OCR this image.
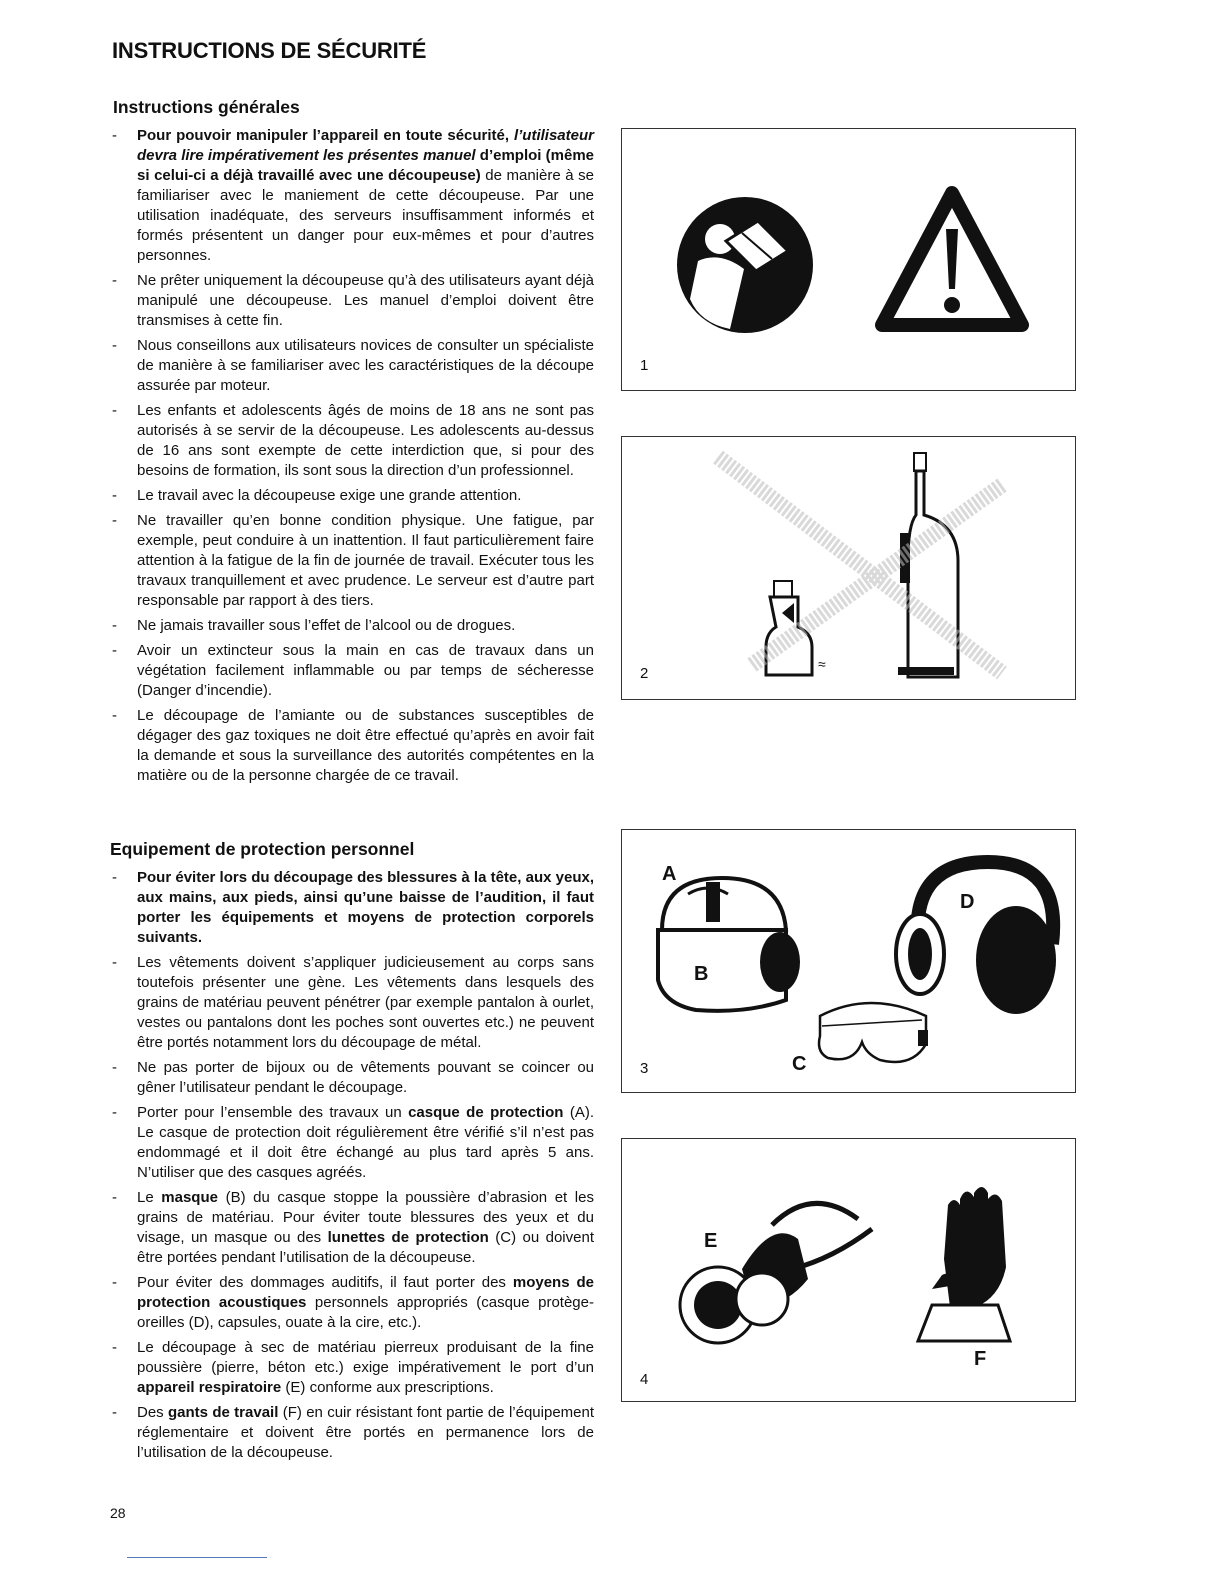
INSTRUCTIONS DE SÉCURITÉ
Instructions générales
- Pour pouvoir manipuler l’appareil en toute sécurité, l’utilisateur devra lire impérativement les présentes manuel d’emploi (même si celui-ci a déjà travaillé avec une découpeuse) de manière à se familiariser avec le maniement de cette découpeuse. Par une utilisation inadéquate, des serveurs insuffisamment informés et formés présentent un danger pour eux-mêmes et pour d’autres personnes.
- Ne prêter uniquement la découpeuse qu’à des utilisateurs ayant déjà manipulé une découpeuse. Les manuel d’emploi doivent être transmises à cette fin.
- Nous conseillons aux utilisateurs novices de consulter un spécialiste de manière à se familiariser avec les caractéristiques de la découpe assurée par moteur.
- Les enfants et adolescents âgés de moins de 18 ans ne sont pas autorisés à se servir de la découpeuse. Les adolescents au-dessus de 16 ans sont exempte de cette interdiction que, si pour des besoins de formation, ils sont sous la direction d’un professionnel.
- Le travail avec la découpeuse exige une grande attention.
- Ne travailler qu’en bonne condition physique. Une fatigue, par exemple, peut conduire à un inattention. Il faut particulièrement faire attention à la fatigue de la fin de journée de travail. Exécuter tous les travaux tranquillement et avec prudence. Le serveur est d’autre part responsable par rapport à des tiers.
- Ne jamais travailler sous l’effet de l’alcool ou de drogues.
- Avoir un extincteur sous la main en cas de travaux dans un végétation facilement inflammable ou par temps de sécheresse (Danger d’incendie).
- Le découpage de l’amiante ou de substances susceptibles de dégager des gaz toxiques ne doit être effectué qu’après en avoir fait la demande et sous la surveillance des autorités compétentes en la matière ou de la personne chargée de ce travail.
Equipement de protection personnel
- Pour éviter lors du découpage des blessures à la tête, aux yeux, aux mains, aux pieds, ainsi qu’une baisse de l’audition, il faut porter les équipements et moyens de protection corporels suivants.
- Les vêtements doivent s’appliquer judicieusement au corps sans toutefois présenter une gène. Les vêtements dans lesquels des grains de matériau peuvent pénétrer (par exemple pantalon à ourlet, vestes ou pantalons dont les poches sont ouvertes etc.) ne peuvent être portés notamment lors du découpage de métal.
- Ne pas porter de bijoux ou de vêtements pouvant se coincer ou gêner l’utilisateur pendant le découpage.
- Porter pour l’ensemble des travaux un casque de protection (A). Le casque de protection doit régulièrement être vérifié s’il n’est pas endommagé et il doit être échangé au plus tard après 5 ans. N’utiliser que des casques agréés.
- Le masque (B) du casque stoppe la poussière d’abrasion et les grains de matériau. Pour éviter toute blessures des yeux et du visage, un masque ou des lunettes de protection (C) ou doivent être portées pendant l’utilisation de la découpeuse.
- Pour éviter des dommages auditifs, il faut porter des moyens de protection acoustiques personnels appropriés (casque protège-oreilles (D), capsules, ouate à la cire, etc.).
- Le découpage à sec de matériau pierreux produisant de la fine poussière (pierre, béton etc.) exige impérativement le port d’un appareil respiratoire (E) conforme aux prescriptions.
- Des gants de travail (F) en cuir résistant font partie de l’équipement réglementaire et doivent être portés en permanence lors de l’utilisation de la découpeuse.
1
≈
2
A
B
C
D
3
E
F
4
28
